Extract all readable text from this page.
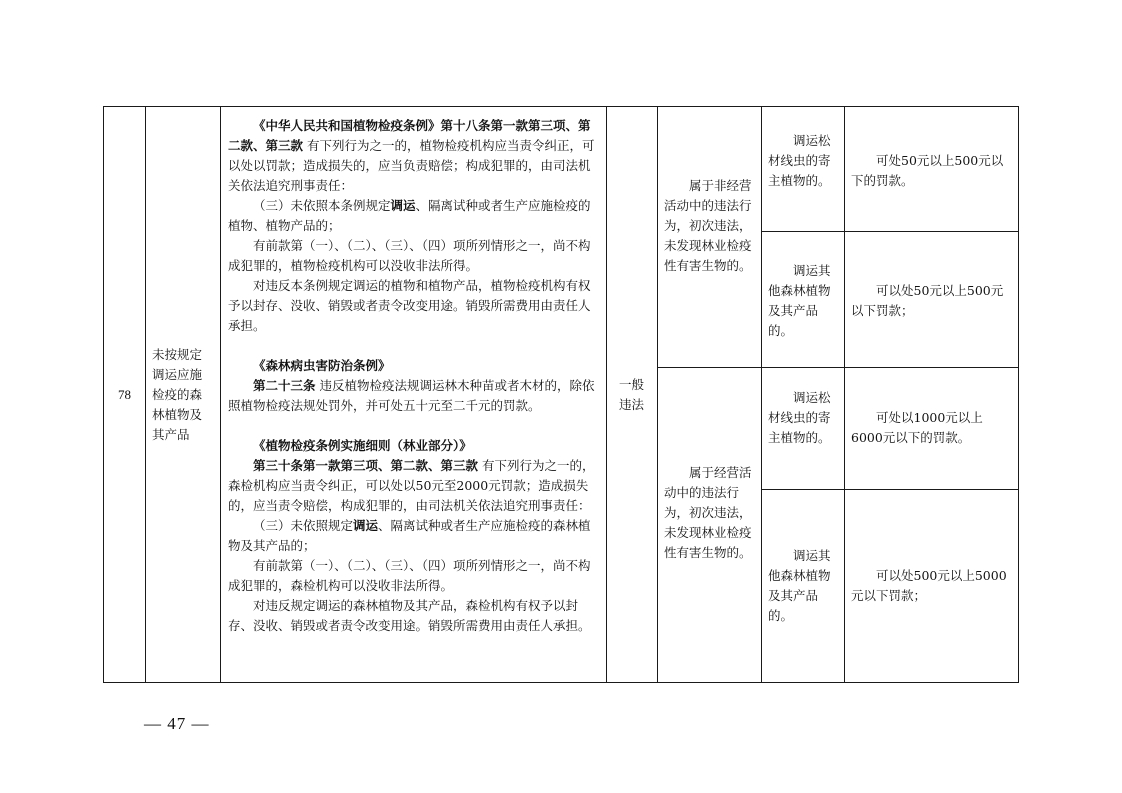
78
未按规定调运应施检疫的森林植物及其产品

《中华人民共和国植物检疫条例》第十八条第一款第三项、第二款、第三款 有下列行为之一的，植物检疫机构应当责令纠正，可以处以罚款；造成损失的，应当负责赔偿；构成犯罪的，由司法机关依法追究刑事责任：

（三）未依照本条例规定调运、隔离试种或者生产应施检疫的植物、植物产品的；

有前款第（一）、（二）、（三）、（四）项所列情形之一，尚不构成犯罪的，植物检疫机构可以没收非法所得。

对违反本条例规定调运的植物和植物产品，植物检疫机构有权予以封存、没收、销毁或者责令改变用途。销毁所需费用由责任人承担。

《森林病虫害防治条例》

第二十三条 违反植物检疫法规调运林木种苗或者木材的，除依照植物检疫法规处罚外，并可处五十元至二千元的罚款。

《植物检疫条例实施细则（林业部分）》

第三十条第一款第三项、第二款、第三款 有下列行为之一的，森检机构应当责令纠正，可以处以50元至2000元罚款；造成损失的，应当责令赔偿，构成犯罪的，由司法机关依法追究刑事责任：

（三）未依照规定调运、隔离试种或者生产应施检疫的森林植物及其产品的；

有前款第（一）、（二）、（三）、（四）项所列情形之一，尚不构成犯罪的，森检机构可以没收非法所得。

对违反规定调运的森林植物及其产品，森检机构有权予以封存、没收、销毁或者责令改变用途。销毁所需费用由责任人承担。

一般违法
属于非经营活动中的违法行为，初次违法，未发现林业检疫性有害生物的。
属于经营活动中的违法行为，初次违法，未发现林业检疫性有害生物的。
调运松材线虫的寄主植物的。
调运其他森林植物及其产品的。
调运松材线虫的寄主植物的。
调运其他森林植物及其产品的。
可处50元以上500元以下的罚款。
可以处50元以上500元以下罚款；
可处以1000元以上6000元以下的罚款。
可以处500元以上5000元以下罚款；
— 47 —
